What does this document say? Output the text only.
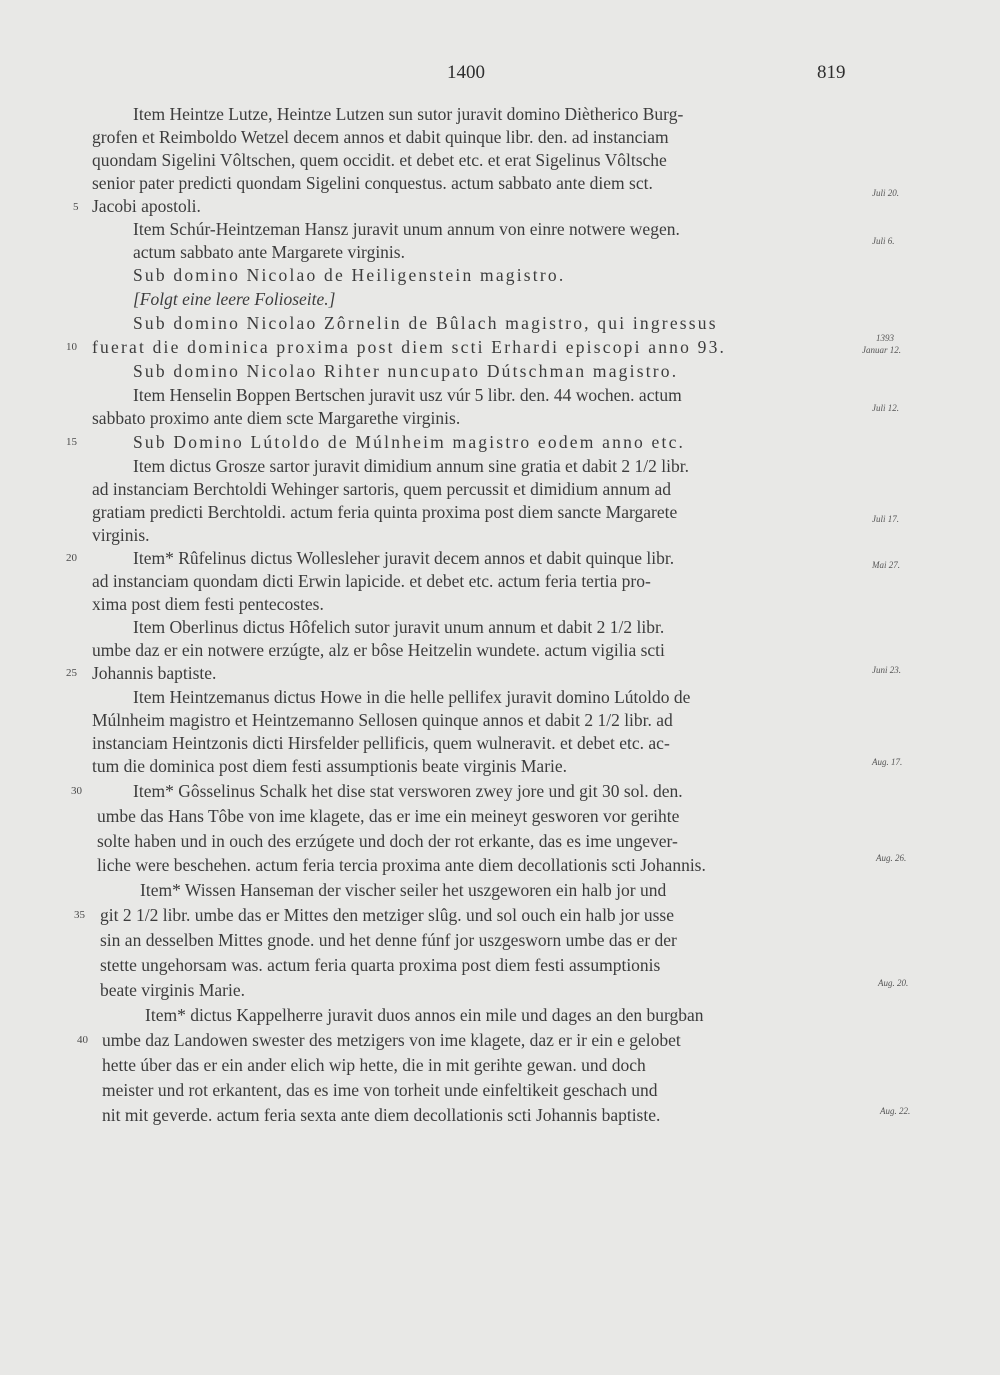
1400	819
Item Heintze Lutze, Heintze Lutzen sun sutor juravit domino Diètherico Burg-
grofen et Reimboldo Wetzel decem annos et dabit quinque libr. den. ad instanciam
quondam Sigelini Vôltschen, quem occidit. et debet etc. et erat Sigelinus Vôltsche
senior pater predicti quondam Sigelini conquestus. actum sabbato ante diem sct.
Jacobi apostoli.
Item Schúr-Heintzeman Hansz juravit unum annum von einre notwere wegen.
actum sabbato ante Margarete virginis.
Sub domino Nicolao de Heiligenstein magistro.
[Folgt eine leere Folioseite.]
Sub domino Nicolao Zôrnelin de Bûlach magistro, qui ingressus
fuerat die dominica proxima post diem scti Erhardi episcopi anno 93.
Sub domino Nicolao Rihter nuncupato Dútschman magistro.
Item Henselin Boppen Bertschen juravit usz vúr 5 libr. den. 44 wochen. actum
sabbato proximo ante diem scte Margarethe virginis.
Sub Domino Lútoldo de Múlnheim magistro eodem anno etc.
Item dictus Grosze sartor juravit dimidium annum sine gratia et dabit 2 1/2 libr.
ad instanciam Berchtoldi Wehinger sartoris, quem percussit et dimidium annum ad
gratiam predicti Berchtoldi. actum feria quinta proxima post diem sancte Margarete
virginis.
Item* Rûfelinus dictus Wollesleher juravit decem annos et dabit quinque libr.
ad instanciam quondam dicti Erwin lapicide. et debet etc. actum feria tertia pro-
xima post diem festi pentecostes.
Item Oberlinus dictus Hôfelich sutor juravit unum annum et dabit 2 1/2 libr.
umbe daz er ein notwere erzúgte, alz er bôse Heitzelin wundete. actum vigilia scti
Johannis baptiste.
Item Heintzemanus dictus Howe in die helle pellifex juravit domino Lútoldo de
Múlnheim magistro et Heintzemanno Sellosen quinque annos et dabit 2 1/2 libr. ad
instanciam Heintzonis dicti Hirsfelder pellificis, quem wulneravit. et debet etc. ac-
tum die dominica post diem festi assumptionis beate virginis Marie.
Item* Gôsselinus Schalk het dise stat versworen zwey jore und git 30 sol. den.
umbe das Hans Tôbe von ime klagete, das er ime ein meineyt gesworen vor gerihte
solte haben und in ouch des erzúgete und doch der rot erkante, das es ime ungever-
liche were beschehen. actum feria tercia proxima ante diem decollationis scti Johannis.
Item* Wissen Hanseman der vischer seiler het uszgeworen ein halb jor und
git 2 1/2 libr. umbe das er Mittes den metziger slûg. und sol ouch ein halb jor usse
sin an desselben Mittes gnode. und het denne fúnf jor uszgesworn umbe das er der
stette ungehorsam was. actum feria quarta proxima post diem festi assumptionis
beate virginis Marie.
Item* dictus Kappelherre juravit duos annos ein mile und dages an den burgban
umbe daz Landowen swester des metzigers von ime klagete, daz er ir ein e gelobet
hette úber das er ein ander elich wip hette, die in mit gerihte gewan. und doch
meister und rot erkantent, das es ime von torheit unde einfeltikeit geschach und
nit mit geverde. actum feria sexta ante diem decollationis scti Johannis baptiste.
5
10
15
20
25
30
35
40
Juli 20.
Juli 6.
1393
Januar 12.
Juli 12.
Juli 17.
Mai 27.
Juni 23.
Aug. 17.
Aug. 26.
Aug. 20.
Aug. 22.
